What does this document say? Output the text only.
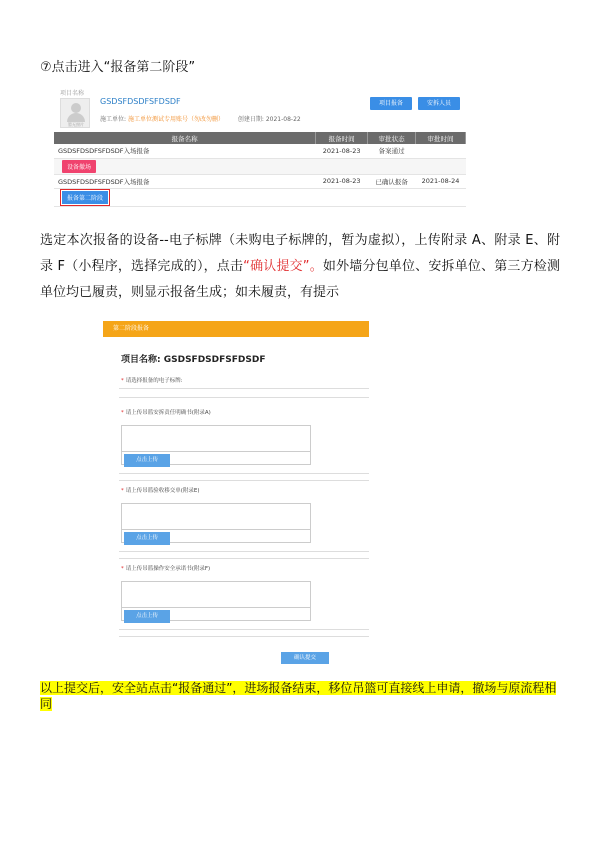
⑦点击进入“报备第二阶段”
项目名称
暂无照片
GSDSFDSDFSFDSDF
施工单位: 施工单位测试专用账号（勿改勿删） 创建日期: 2021-08-22
项目报备	安拆人员
报备名称	报备时间	审批状态	审批时间
GSDSFDSDFSFDSDF入场报备	2021-08-23	备案通过	
设备撤场			
GSDSFDSDFSFDSDF入场报备	2021-08-23	已确认报备	2021-08-24
报备第二阶段			
选定本次报备的设备--电子标牌（未购电子标牌的，暂为虚拟），上传附录 A、附录 E、附录 F（小程序，选择完成的），点击“确认提交”。如外墙分包单位、安拆单位、第三方检测单位均已履责，则显示报备生成；如未履责，有提示
第二阶段报备
项目名称: GSDSFDSDFSFDSDF
* 请选择报备的电子标牌:
* 请上传吊篮安拆责任明确书(附录A)
点击上传
* 请上传吊篮验收移交单(附录E)
点击上传
* 请上传吊篮操作安全承诺书(附录F)
点击上传
确认提交
以上提交后，安全站点击“报备通过”，进场报备结束，移位吊篮可直接线上申请，撤场与原流程相同
